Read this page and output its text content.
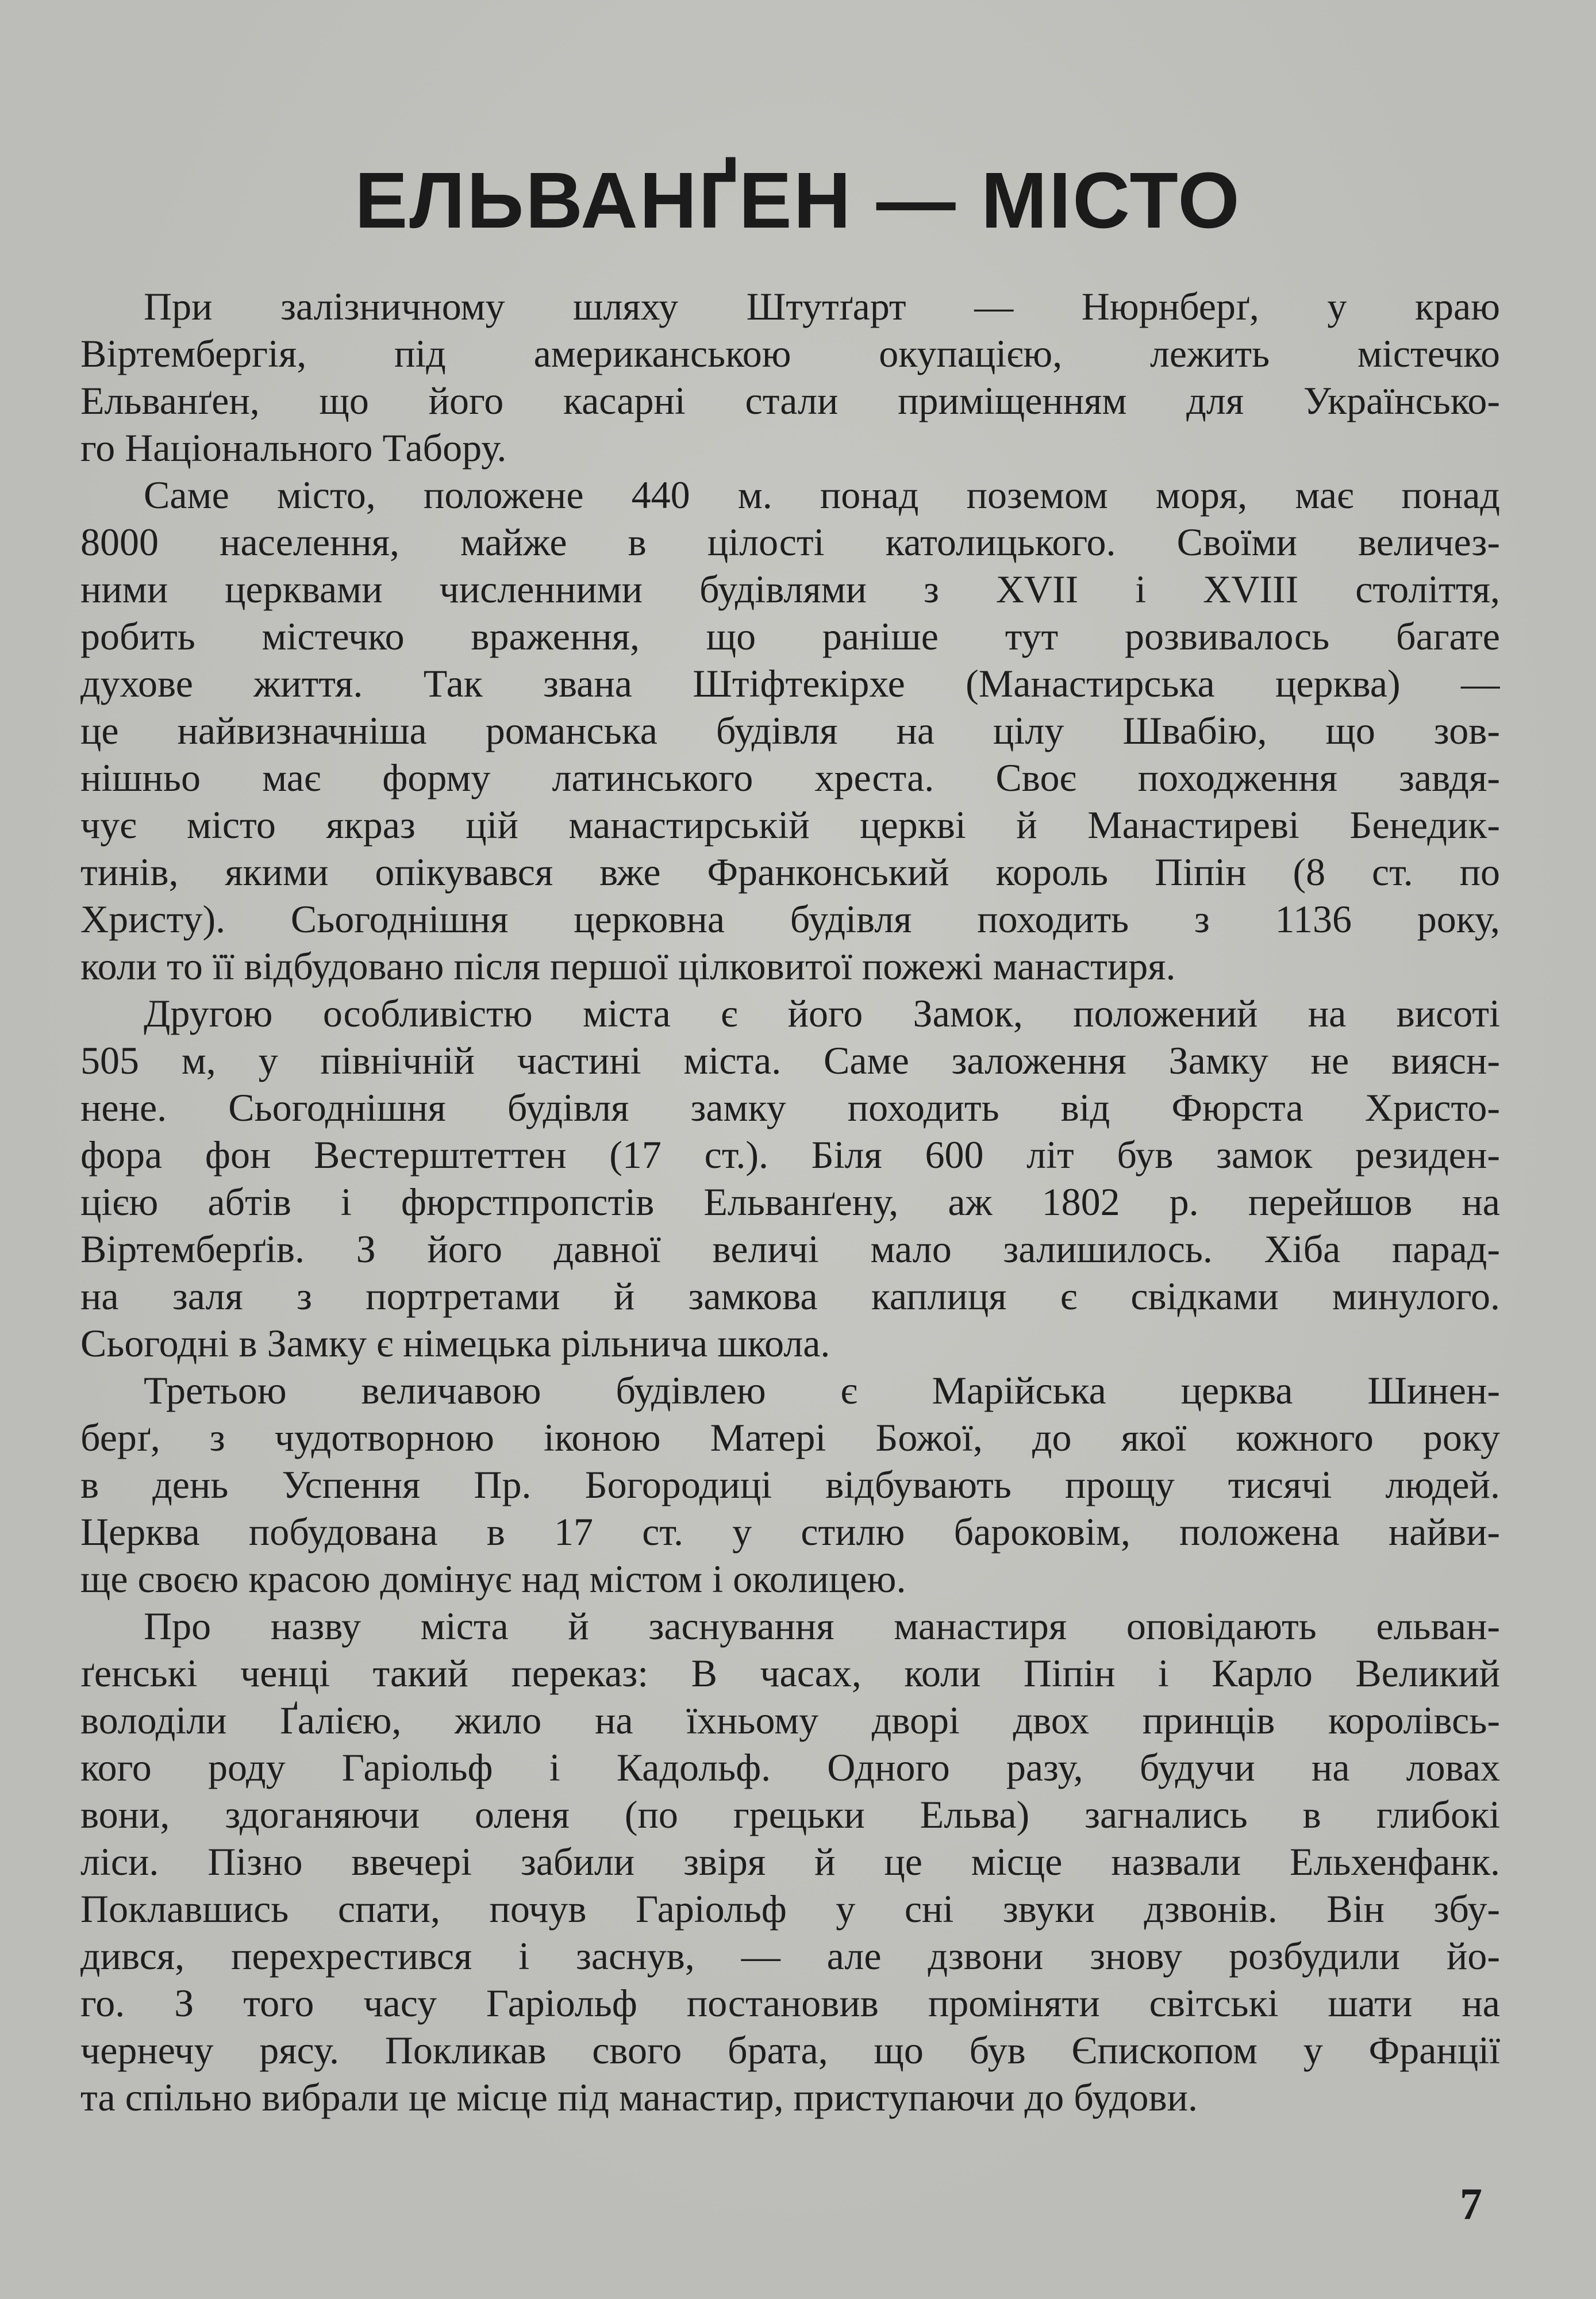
ЕЛЬВАНҐЕН — МІСТО
При залізничному шляху Штутґарт — Нюрнберґ, у краю
Віртембергія, під американською окупацією, лежить містечко
Ельванґен, що його касарні стали приміщенням для Українсько-
го Національного Табору.
Саме місто, положене 440 м. понад поземом моря, має понад
8000 населення, майже в цілості католицького. Своїми величез-
ними церквами численними будівлями з XVII і XVIII століття,
робить містечко враження, що раніше тут розвивалось багате
духове життя. Так звана Штіфтекірхе (Манастирська церква) —
це найвизначніша романська будівля на цілу Швабію, що зов-
нішньо має форму латинського хреста. Своє походження завдя-
чує місто якраз цій манастирській церкві й Манастиреві Бенедик-
тинів, якими опікувався вже Франконський король Піпін (8 ст. по
Христу). Сьогоднішня церковна будівля походить з 1136 року,
коли то її відбудовано після першої цілковитої пожежі манастиря.
Другою особливістю міста є його Замок, положений на висоті
505 м, у північній частині міста. Саме заложення Замку не виясн-
нене. Сьогоднішня будівля замку походить від Фюрста Христо-
фора фон Вестерштеттен (17 ст.). Біля 600 літ був замок резиден-
цією абтів і фюрстпропстів Ельванґену, аж 1802 р. перейшов на
Віртемберґів. З його давної величі мало залишилось. Хіба парад-
на заля з портретами й замкова каплиця є свідками минулого.
Сьогодні в Замку є німецька рільнича школа.
Третьою величавою будівлею є Марійська церква Шинен-
берґ, з чудотворною іконою Матері Божої, до якої кожного року
в день Успення Пр. Богородиці відбувають прощу тисячі людей.
Церква побудована в 17 ст. у стилю бароковім, положена найви-
ще своєю красою домінує над містом і околицею.
Про назву міста й заснування манастиря оповідають ельван-
ґенські ченці такий переказ: В часах, коли Піпін і Карло Великий
володіли Ґалією, жило на їхньому дворі двох принців королівсь-
кого роду Гаріольф і Кадольф. Одного разу, будучи на ловах
вони, здоганяючи оленя (по грецьки Ельва) загнались в глибокі
ліси. Пізно ввечері забили звіря й це місце назвали Ельхенфанк.
Поклавшись спати, почув Гаріольф у сні звуки дзвонів. Він збу-
дився, перехрестився і заснув, — але дзвони знову розбудили йо-
го. З того часу Гаріольф постановив проміняти світські шати на
чернечу рясу. Покликав свого брата, що був Єпископом у Франції
та спільно вибрали це місце під манастир, приступаючи до будови.
7
